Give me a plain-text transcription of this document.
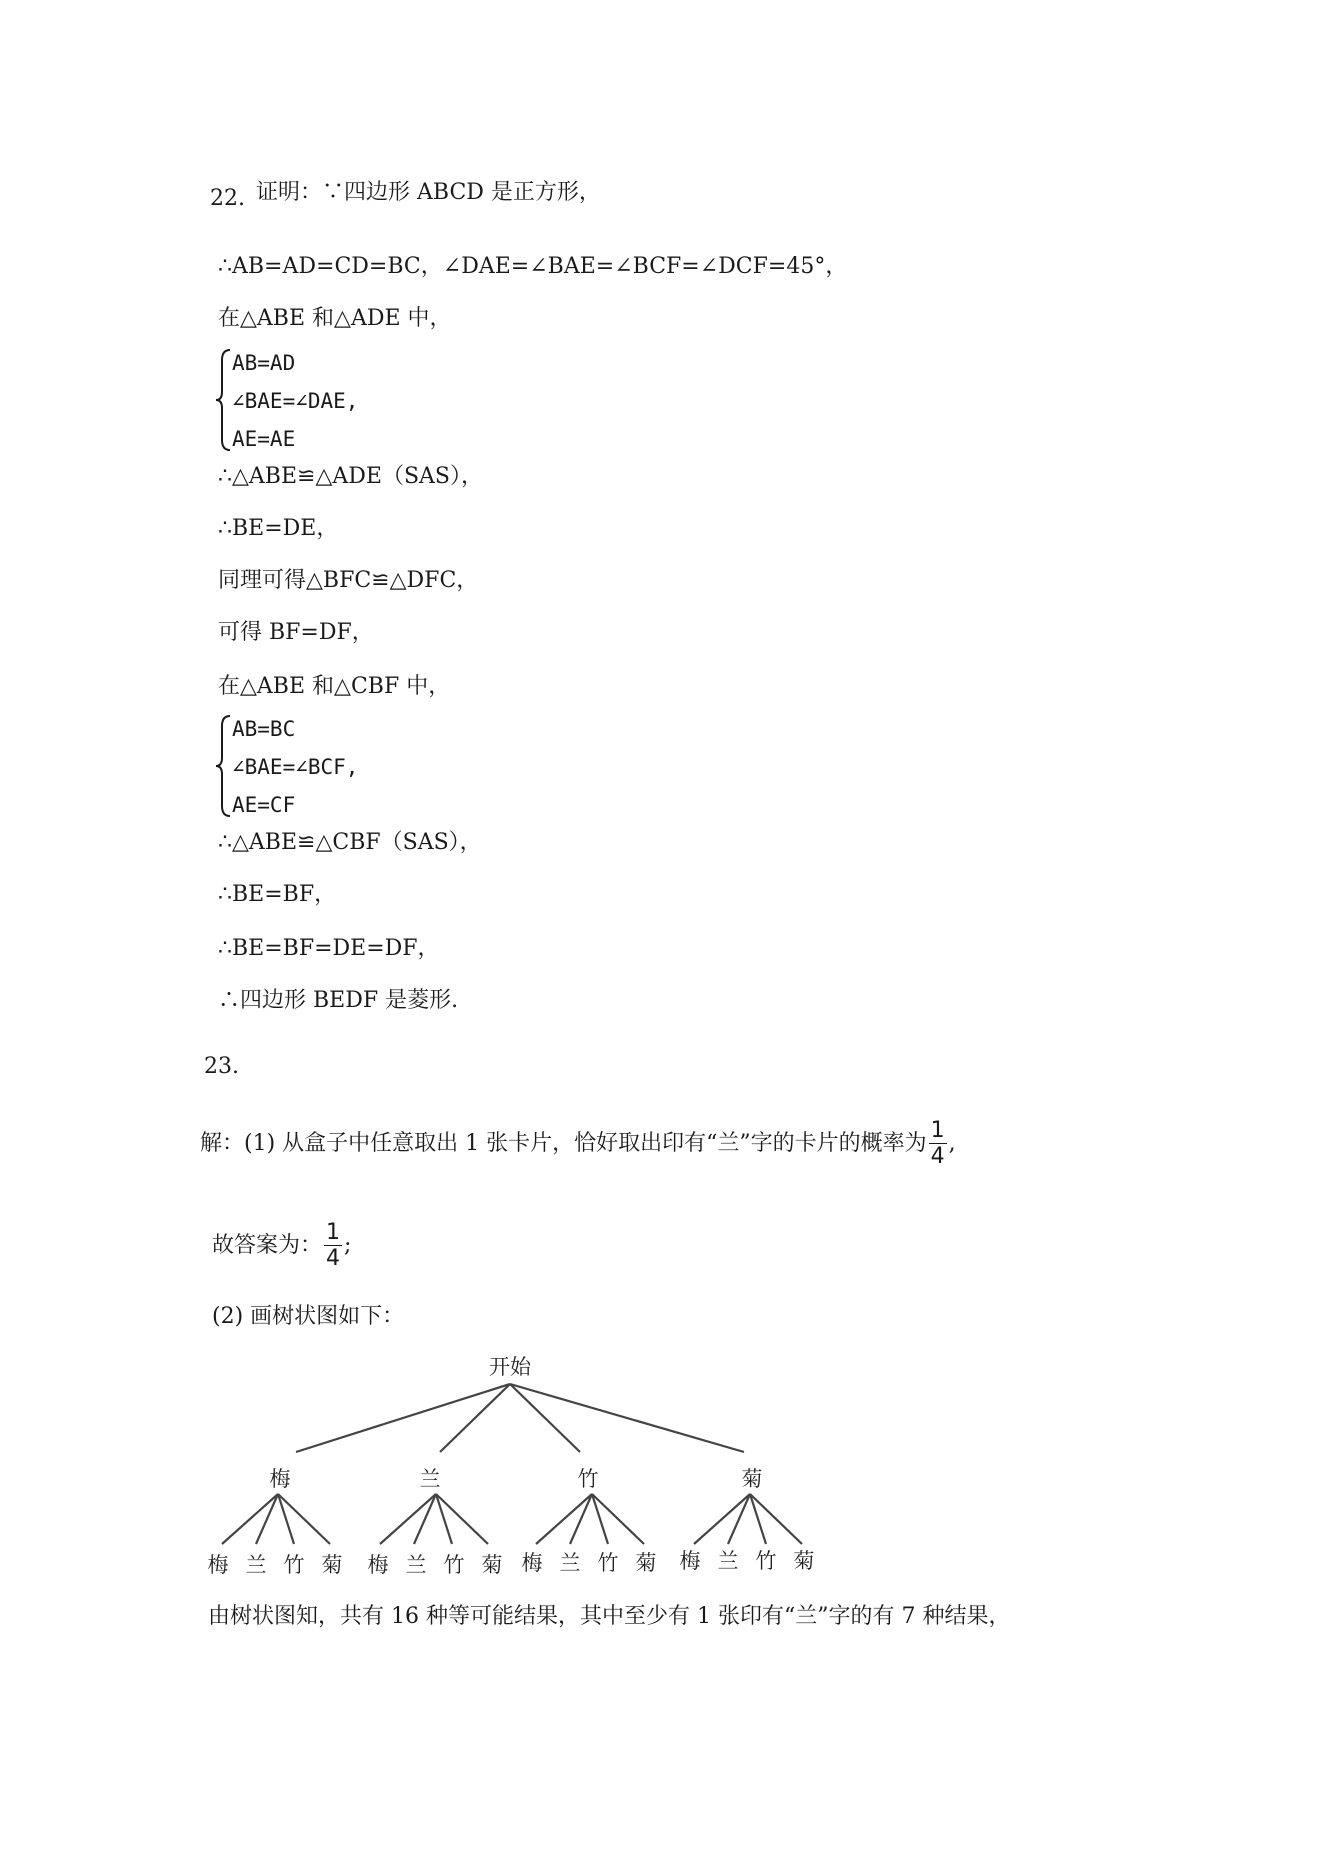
22. 证明：∵四边形 ABCD 是正方形，
∴AB=AD=CD=BC，∠DAE=∠BAE=∠BCF=∠DCF=45°，
在△ABE 和△ADE 中，
AB=AD
∠BAE=∠DAE,
AE=AE
∴△ABE≌△ADE（SAS），
∴BE=DE，
同理可得△BFC≌△DFC，
可得 BF=DF，
在△ABE 和△CBF 中，
AB=BC
∠BAE=∠BCF,
AE=CF
∴△ABE≌△CBF（SAS），
∴BE=BF，
∴BE=BF=DE=DF，
∴四边形 BEDF 是菱形.
23.
解：(1) 从盒子中任意取出 1 张卡片，恰好取出印有“兰”字的卡片的概率为 $\frac{1}{4}$ ,
故答案为： $\frac{1}{4}$ ;
(2) 画树状图如下：
开始
梅	兰	竹	菊
梅 兰 竹 菊 梅 兰 竹 菊 梅 兰 竹 菊 梅 兰 竹 菊
由树状图知，共有 16 种等可能结果，其中至少有 1 张印有“兰”字的有 7 种结果，
